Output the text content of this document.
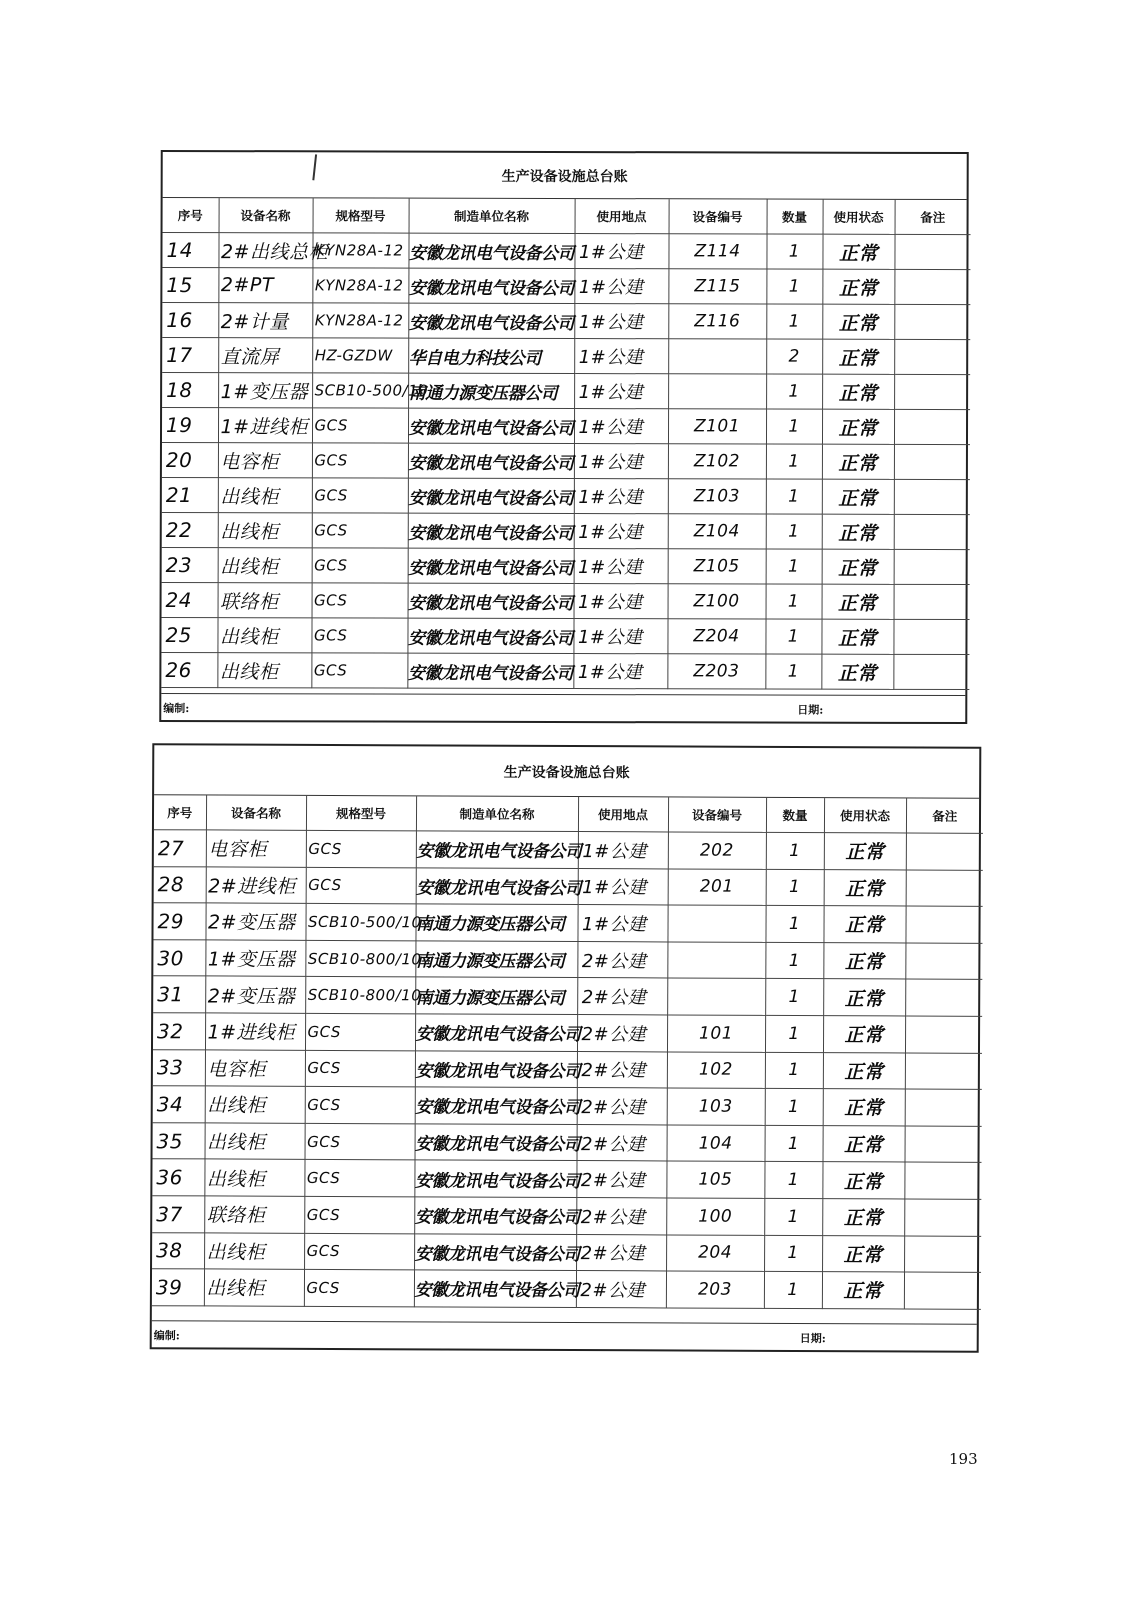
生产设备设施总台账
序号	设备名称	规格型号	制造单位名称	使用地点	设备编号	数量	使用状态	备注
14	2#出线总柜	KYN28A-12	安徽龙讯电气设备公司	1#公建	Z114	1	正常	
15	2#PT	KYN28A-12	安徽龙讯电气设备公司	1#公建	Z115	1	正常	
16	2#计量	KYN28A-12	安徽龙讯电气设备公司	1#公建	Z116	1	正常	
17	直流屏	HZ-GZDW	华自电力科技公司	1#公建		2	正常	
18	1#变压器	SCB10-500/10	南通力源变压器公司	1#公建		1	正常	
19	1#进线柜	GCS	安徽龙讯电气设备公司	1#公建	Z101	1	正常	
20	电容柜	GCS	安徽龙讯电气设备公司	1#公建	Z102	1	正常	
21	出线柜	GCS	安徽龙讯电气设备公司	1#公建	Z103	1	正常	
22	出线柜	GCS	安徽龙讯电气设备公司	1#公建	Z104	1	正常	
23	出线柜	GCS	安徽龙讯电气设备公司	1#公建	Z105	1	正常	
24	联络柜	GCS	安徽龙讯电气设备公司	1#公建	Z100	1	正常	
25	出线柜	GCS	安徽龙讯电气设备公司	1#公建	Z204	1	正常	
26	出线柜	GCS	安徽龙讯电气设备公司	1#公建	Z203	1	正常	
编制:	日期:
生产设备设施总台账
序号	设备名称	规格型号	制造单位名称	使用地点	设备编号	数量	使用状态	备注
27	电容柜	GCS	安徽龙讯电气设备公司	1#公建	202	1	正常	
28	2#进线柜	GCS	安徽龙讯电气设备公司	1#公建	201	1	正常	
29	2#变压器	SCB10-500/10	南通力源变压器公司	1#公建		1	正常	
30	1#变压器	SCB10-800/10	南通力源变压器公司	2#公建		1	正常	
31	2#变压器	SCB10-800/10	南通力源变压器公司	2#公建		1	正常	
32	1#进线柜	GCS	安徽龙讯电气设备公司	2#公建	101	1	正常	
33	电容柜	GCS	安徽龙讯电气设备公司	2#公建	102	1	正常	
34	出线柜	GCS	安徽龙讯电气设备公司	2#公建	103	1	正常	
35	出线柜	GCS	安徽龙讯电气设备公司	2#公建	104	1	正常	
36	出线柜	GCS	安徽龙讯电气设备公司	2#公建	105	1	正常	
37	联络柜	GCS	安徽龙讯电气设备公司	2#公建	100	1	正常	
38	出线柜	GCS	安徽龙讯电气设备公司	2#公建	204	1	正常	
39	出线柜	GCS	安徽龙讯电气设备公司	2#公建	203	1	正常	
编制:	日期:
193
